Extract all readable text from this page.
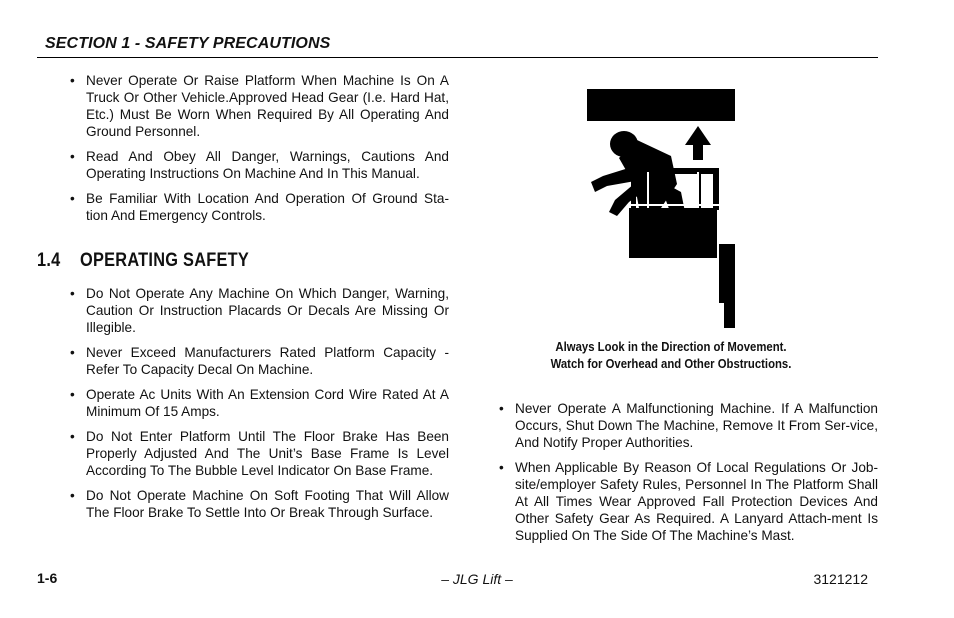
SECTION 1 - SAFETY PRECAUTIONS
• Never Operate Or Raise Platform When Machine Is On A Truck Or Other Vehicle.Approved Head Gear (I.e. Hard Hat, Etc.) Must Be Worn When Required By All Operating And Ground Personnel.
• Read And Obey All Danger, Warnings, Cautions And Operating Instructions On Machine And In This Manual.
• Be Familiar With Location And Operation Of Ground Sta-tion And Emergency Controls.
1.4 OPERATING SAFETY
• Do Not Operate Any Machine On Which Danger, Warning, Caution Or Instruction Placards Or Decals Are Missing Or Illegible.
• Never Exceed Manufacturers Rated Platform Capacity - Refer To Capacity Decal On Machine.
• Operate Ac Units With An Extension Cord Wire Rated At A Minimum Of 15 Amps.
• Do Not Enter Platform Until The Floor Brake Has Been Properly Adjusted And The Unit’s Base Frame Is Level According To The Bubble Level Indicator On Base Frame.
• Do Not Operate Machine On Soft Footing That Will Allow The Floor Brake To Settle Into Or Break Through Surface.
Always Look in the Direction of Movement.
Watch for Overhead and Other Obstructions.
• Never Operate A Malfunctioning Machine. If A Malfunction Occurs, Shut Down The Machine, Remove It From Ser-vice, And Notify Proper Authorities.
• When Applicable By Reason Of Local Regulations Or Job-site/employer Safety Rules, Personnel In The Platform Shall At All Times Wear Approved Fall Protection Devices And Other Safety Gear As Required. A Lanyard Attach-ment Is Supplied On The Side Of The Machine’s Mast.
1-6	– JLG Lift –	3121212
